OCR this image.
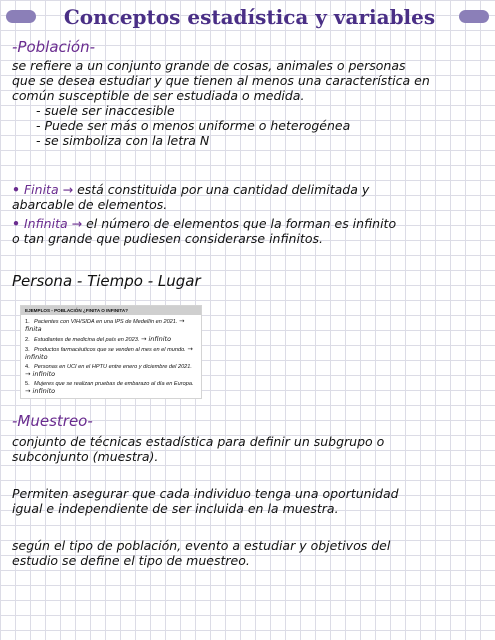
Conceptos estadística y variables

-Población-

se refiere a un conjunto grande de cosas, animales o personas

que se desea estudiar y que tienen al menos una característica en

común susceptible de ser estudiada o medida.

- suele ser inaccesible

- Puede ser más o menos uniforme o heterogénea

- se simboliza con la letra N

• Finita → está constituida por una cantidad delimitada y

abarcable de elementos.

• Infinita → el número de elementos que la forman es infinito

o tan grande que pudiesen considerarse infinitos.

Persona - Tiempo - Lugar
EJEMPLOS - POBLACIÓN ¿FINITA O INFINITA?
1. Pacientes con VIH/SIDA en una IPS de Medellín en 2021. → finita
2. Estudiantes de medicina del país en 2023. → infinito
3. Productos farmacéuticos que se venden al mes en el mundo. → infinito
4. Personas en UCI en el HPTU entre enero y diciembre del 2021. → infinito
5. Mujeres que se realizan pruebas de embarazo al día en Europa. → infinito

-Muestreo-

conjunto de técnicas estadística para definir un subgrupo o

subconjunto (muestra).

Permiten asegurar que cada individuo tenga una oportunidad

igual e independiente de ser incluida en la muestra.

según el tipo de población, evento a estudiar y objetivos del

estudio se define el tipo de muestreo.
